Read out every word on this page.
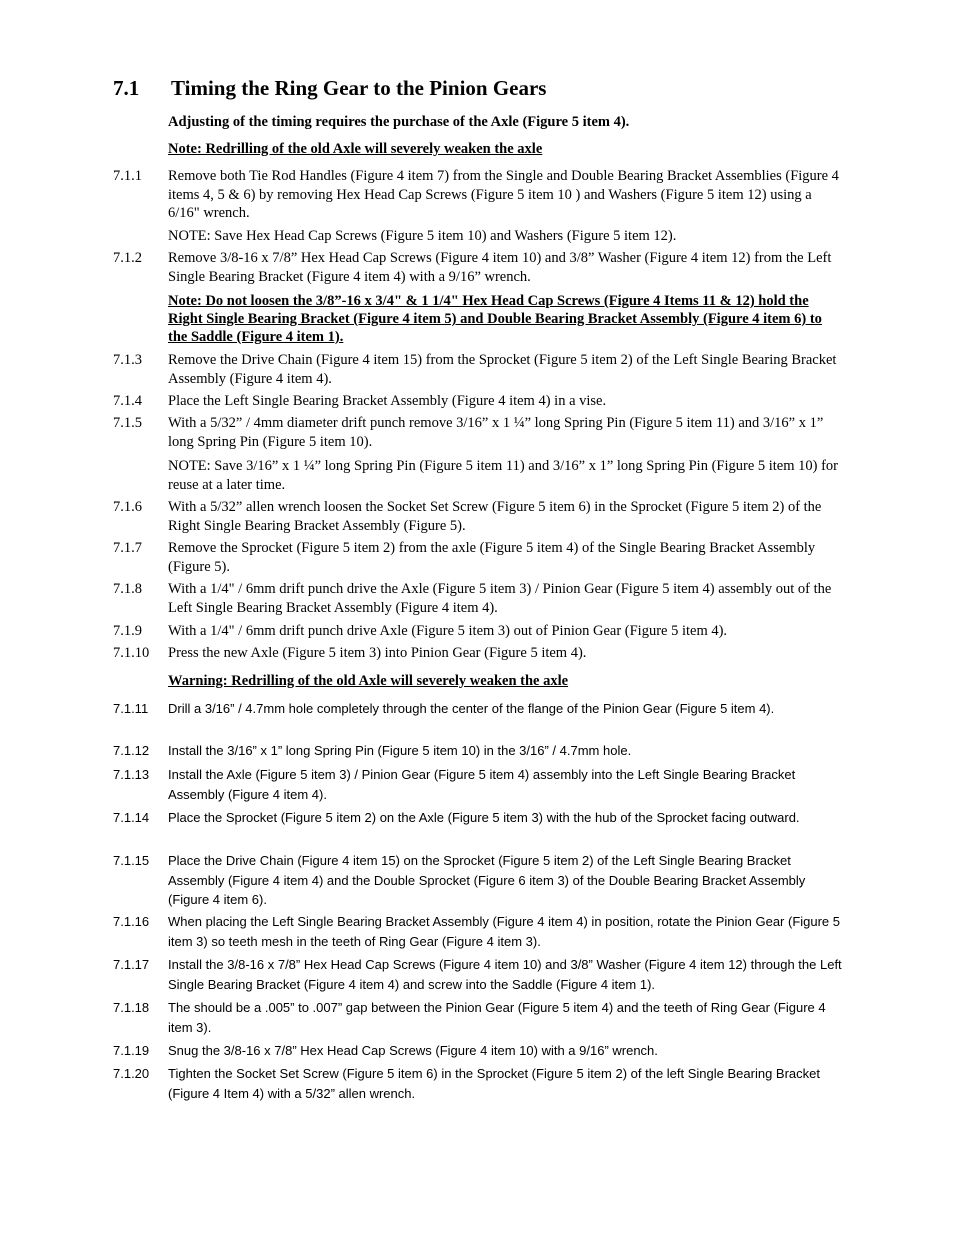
7.1 Timing the Ring Gear to the Pinion Gears
Adjusting of the timing requires the purchase of the Axle (Figure 5 item 4).
Note: Redrilling of the old Axle will severely weaken the axle
7.1.1	Remove both Tie Rod Handles (Figure 4 item 7) from the Single and Double Bearing Bracket Assemblies (Figure 4 items 4, 5 & 6) by removing Hex Head Cap Screws (Figure 5 item 10 ) and Washers (Figure 5 item 12) using a 6/16" wrench.
NOTE: Save Hex Head Cap Screws (Figure 5 item 10) and Washers (Figure 5 item 12).
7.1.2	Remove 3/8-16 x 7/8” Hex Head Cap Screws (Figure 4 item 10) and 3/8” Washer (Figure 4 item 12) from the Left Single Bearing Bracket (Figure 4 item 4) with a 9/16” wrench.
Note: Do not loosen the 3/8”-16 x 3/4" & 1 1/4" Hex Head Cap Screws (Figure 4 Items 11 & 12) hold the Right Single Bearing Bracket (Figure 4 item 5) and Double Bearing Bracket Assembly (Figure 4 item 6) to the Saddle (Figure 4 item 1).
7.1.3	Remove the Drive Chain (Figure 4 item 15) from the Sprocket (Figure 5 item 2) of the Left Single Bearing Bracket Assembly (Figure 4 item 4).
7.1.4	Place the Left Single Bearing Bracket Assembly (Figure 4 item 4) in a vise.
7.1.5	With a 5/32” / 4mm diameter drift punch remove 3/16” x 1 ¼” long Spring Pin (Figure 5 item 11) and 3/16” x 1” long Spring Pin (Figure 5 item 10).
NOTE: Save 3/16” x 1 ¼” long Spring Pin (Figure 5 item 11) and 3/16” x 1” long Spring Pin (Figure 5 item 10) for reuse at a later time.
7.1.6	With a 5/32” allen wrench loosen the Socket Set Screw (Figure 5 item 6) in the Sprocket (Figure 5 item 2) of the Right Single Bearing Bracket Assembly (Figure 5).
7.1.7	Remove the Sprocket (Figure 5 item 2) from the axle (Figure 5 item 4) of the Single Bearing Bracket Assembly (Figure 5).
7.1.8	With a 1/4" / 6mm drift punch drive the Axle (Figure 5 item 3) / Pinion Gear (Figure 5 item 4) assembly out of the Left Single Bearing Bracket Assembly (Figure 4 item 4).
7.1.9	With a 1/4" / 6mm drift punch drive Axle (Figure 5 item 3) out of Pinion Gear (Figure 5 item 4).
7.1.10	Press the new Axle (Figure 5 item 3) into Pinion Gear (Figure 5 item 4).
Warning: Redrilling of the old Axle will severely weaken the axle
7.1.11	Drill a 3/16” / 4.7mm hole completely through the center of the flange of the Pinion Gear (Figure 5 item 4).
7.1.12	Install the 3/16” x 1” long Spring Pin (Figure 5 item 10) in the 3/16” / 4.7mm hole.
7.1.13	Install the Axle (Figure 5 item 3) / Pinion Gear (Figure 5 item 4) assembly into the Left Single Bearing Bracket Assembly (Figure 4 item 4).
7.1.14	Place the Sprocket (Figure 5 item 2) on the Axle (Figure 5 item 3) with the hub of the Sprocket facing outward.
7.1.15	Place the Drive Chain (Figure 4 item 15) on the Sprocket (Figure 5 item 2) of the Left Single Bearing Bracket Assembly (Figure 4 item 4) and the Double Sprocket (Figure 6 item 3) of the Double Bearing Bracket Assembly (Figure 4 item 6).
7.1.16	When placing the Left Single Bearing Bracket Assembly (Figure 4 item 4) in position, rotate the Pinion Gear (Figure 5 item 3) so teeth mesh in the teeth of Ring Gear (Figure 4 item 3).
7.1.17	Install the 3/8-16 x 7/8” Hex Head Cap Screws (Figure 4 item 10) and 3/8” Washer (Figure 4 item 12) through the Left Single Bearing Bracket (Figure 4 item 4) and screw into the Saddle (Figure 4 item 1).
7.1.18	The should be a .005” to .007” gap between the Pinion Gear (Figure 5 item 4) and the teeth of Ring Gear (Figure 4 item 3).
7.1.19	Snug the 3/8-16 x 7/8” Hex Head Cap Screws (Figure 4 item 10) with a 9/16” wrench.
7.1.20	Tighten the Socket Set Screw (Figure 5 item 6) in the Sprocket (Figure 5 item 2) of the left Single Bearing Bracket (Figure 4 Item 4) with a 5/32” allen wrench.
